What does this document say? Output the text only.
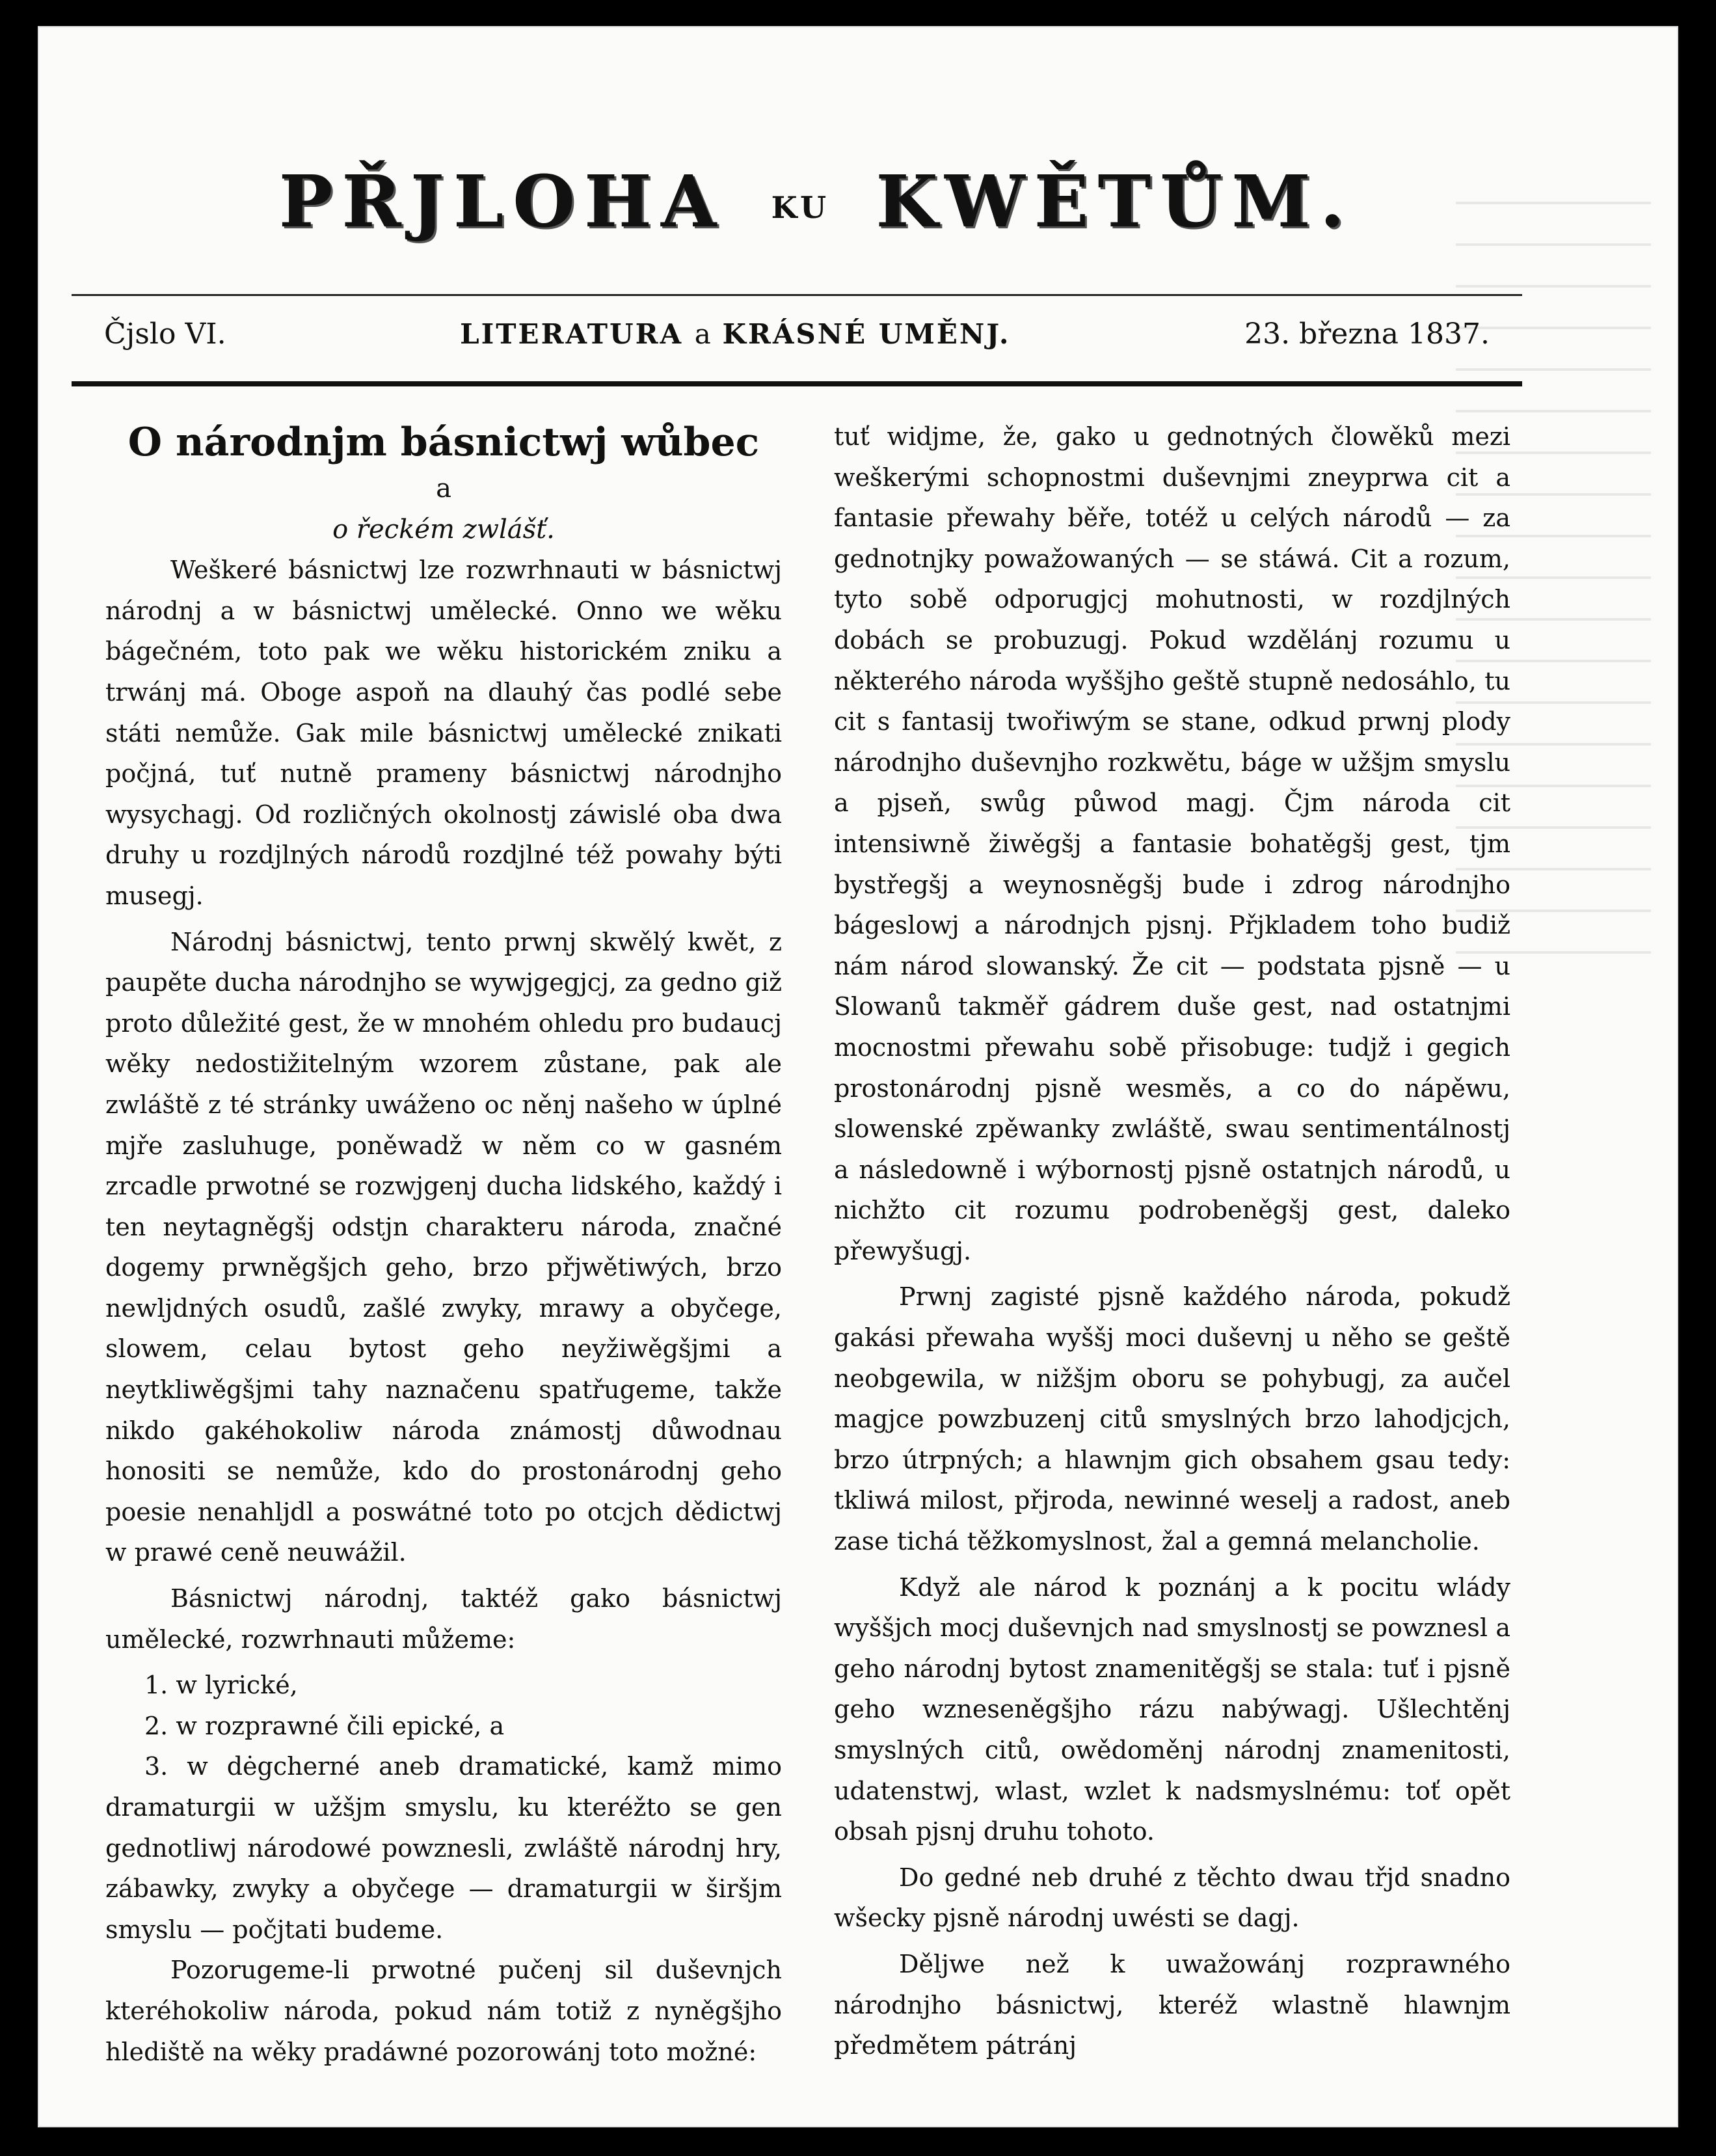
PŘJLOHA KU KWĚTŮM.
Čjslo VI.	LITERATURA a KRÁSNÉ UMĚNJ.	23. března 1837.

O národnjm básnictwj wůbec

a

o řeckém zwlášť.

Weškeré básnictwj lze rozwrhnauti w básnictwj národnj a w básnictwj umělecké. Onno we wěku bágečném, toto pak we wěku historickém zniku a trwánj má. Oboge aspoň na dlauhý čas podlé sebe státi nemůže. Gak mile básnictwj umělecké znikati počjná, tuť nutně prameny básnictwj národnjho wysychagj. Od rozličných okolnostj záwislé oba dwa druhy u rozdjlných národů rozdjlné též powahy býti musegj.

Národnj básnictwj, tento prwnj skwělý kwět, z paupěte ducha národnjho se wywjgegjcj, za gedno giž proto důležité gest, že w mnohém ohledu pro budaucj wěky nedostižitelným wzorem zůstane, pak ale zwláště z té stránky uwáženo oc něnj našeho w úplné mjře zasluhuge, poněwadž w něm co w gasném zrcadle prwotné se rozwjgenj ducha lidského, každý i ten neytagněgšj odstjn charakteru národa, značné dogemy prwněgšjch geho, brzo přjwětiwých, brzo newljdných osudů, zašlé zwyky, mrawy a obyčege, slowem, celau bytost geho neyžiwěgšjmi a neytkliwěgšjmi tahy naznačenu spatřugeme, takže nikdo gakéhokoliw národa známostj důwodnau honositi se nemůže, kdo do prostonárodnj geho poesie nenahljdl a poswátné toto po otcjch dědictwj w prawé ceně neuwážil.

Básnictwj národnj, taktéž gako básnictwj umělecké, rozwrhnauti můžeme:

1. w lyrické,

2. w rozprawné čili epické, a

3. w dėgcherné aneb dramatické, kamž mimo dramaturgii w užšjm smyslu, ku kteréžto se gen gednotliwj národowé powznesli, zwláště národnj hry, zábawky, zwyky a obyčege — dramaturgii w širšjm smyslu — počjtati budeme.

Pozorugeme-li prwotné pučenj sil duševnjch kteréhokoliw národa, pokud nám totiž z nyněgšjho hlediště na wěky pradáwné pozorowánj toto možné:

tuť widjme, že, gako u gednotných člowěků mezi weškerými schopnostmi duševnjmi zneyprwa cit a fantasie přewahy běře, totéž u celých národů — za gednotnjky powažowaných — se stáwá. Cit a rozum, tyto sobě odporugjcj mohutnosti, w rozdjlných dobách se probuzugj. Pokud wzdělánj rozumu u některého národa wyššjho geště stupně nedosáhlo, tu cit s fantasij twořiwým se stane, odkud prwnj plody národnjho duševnjho rozkwětu, báge w užšjm smyslu a pjseň, swůg půwod magj. Čjm národa cit intensiwně žiwěgšj a fantasie bohatěgšj gest, tjm bystřegšj a weynosněgšj bude i zdrog národnjho bágeslowj a národnjch pjsnj. Přjkladem toho budiž nám národ slowanský. Že cit — podstata pjsně — u Slowanů takměř gádrem duše gest, nad ostatnjmi mocnostmi přewahu sobě přisobuge: tudjž i gegich prostonárodnj pjsně wesměs, a co do nápěwu, slowenské zpěwanky zwláště, swau sentimentálnostj a následowně i wýbornostj pjsně ostatnjch národů, u nichžto cit rozumu podrobeněgšj gest, daleko přewyšugj.

Prwnj zagisté pjsně každého národa, pokudž gakási přewaha wyššj moci duševnj u něho se geště neobgewila, w nižšjm oboru se pohybugj, za aučel magjce powzbuzenj citů smyslných brzo lahodjcjch, brzo útrpných; a hlawnjm gich obsahem gsau tedy: tkliwá milost, přjroda, newinné weselj a radost, aneb zase tichá těžkomyslnost, žal a gemná melancholie.

Když ale národ k poznánj a k pocitu wlády wyššjch mocj duševnjch nad smyslnostj se powznesl a geho národnj bytost znamenitěgšj se stala: tuť i pjsně geho wzneseněgšjho rázu nabýwagj. Ušlechtěnj smyslných citů, owědoměnj národnj znamenitosti, udatenstwj, wlast, wzlet k nadsmyslnému: toť opět obsah pjsnj druhu tohoto.

Do gedné neb druhé z těchto dwau třjd snadno wšecky pjsně národnj uwésti se dagj.

Děljwe než k uwažowánj rozprawného národnjho básnictwj, kteréž wlastně hlawnjm předmětem pátránj
